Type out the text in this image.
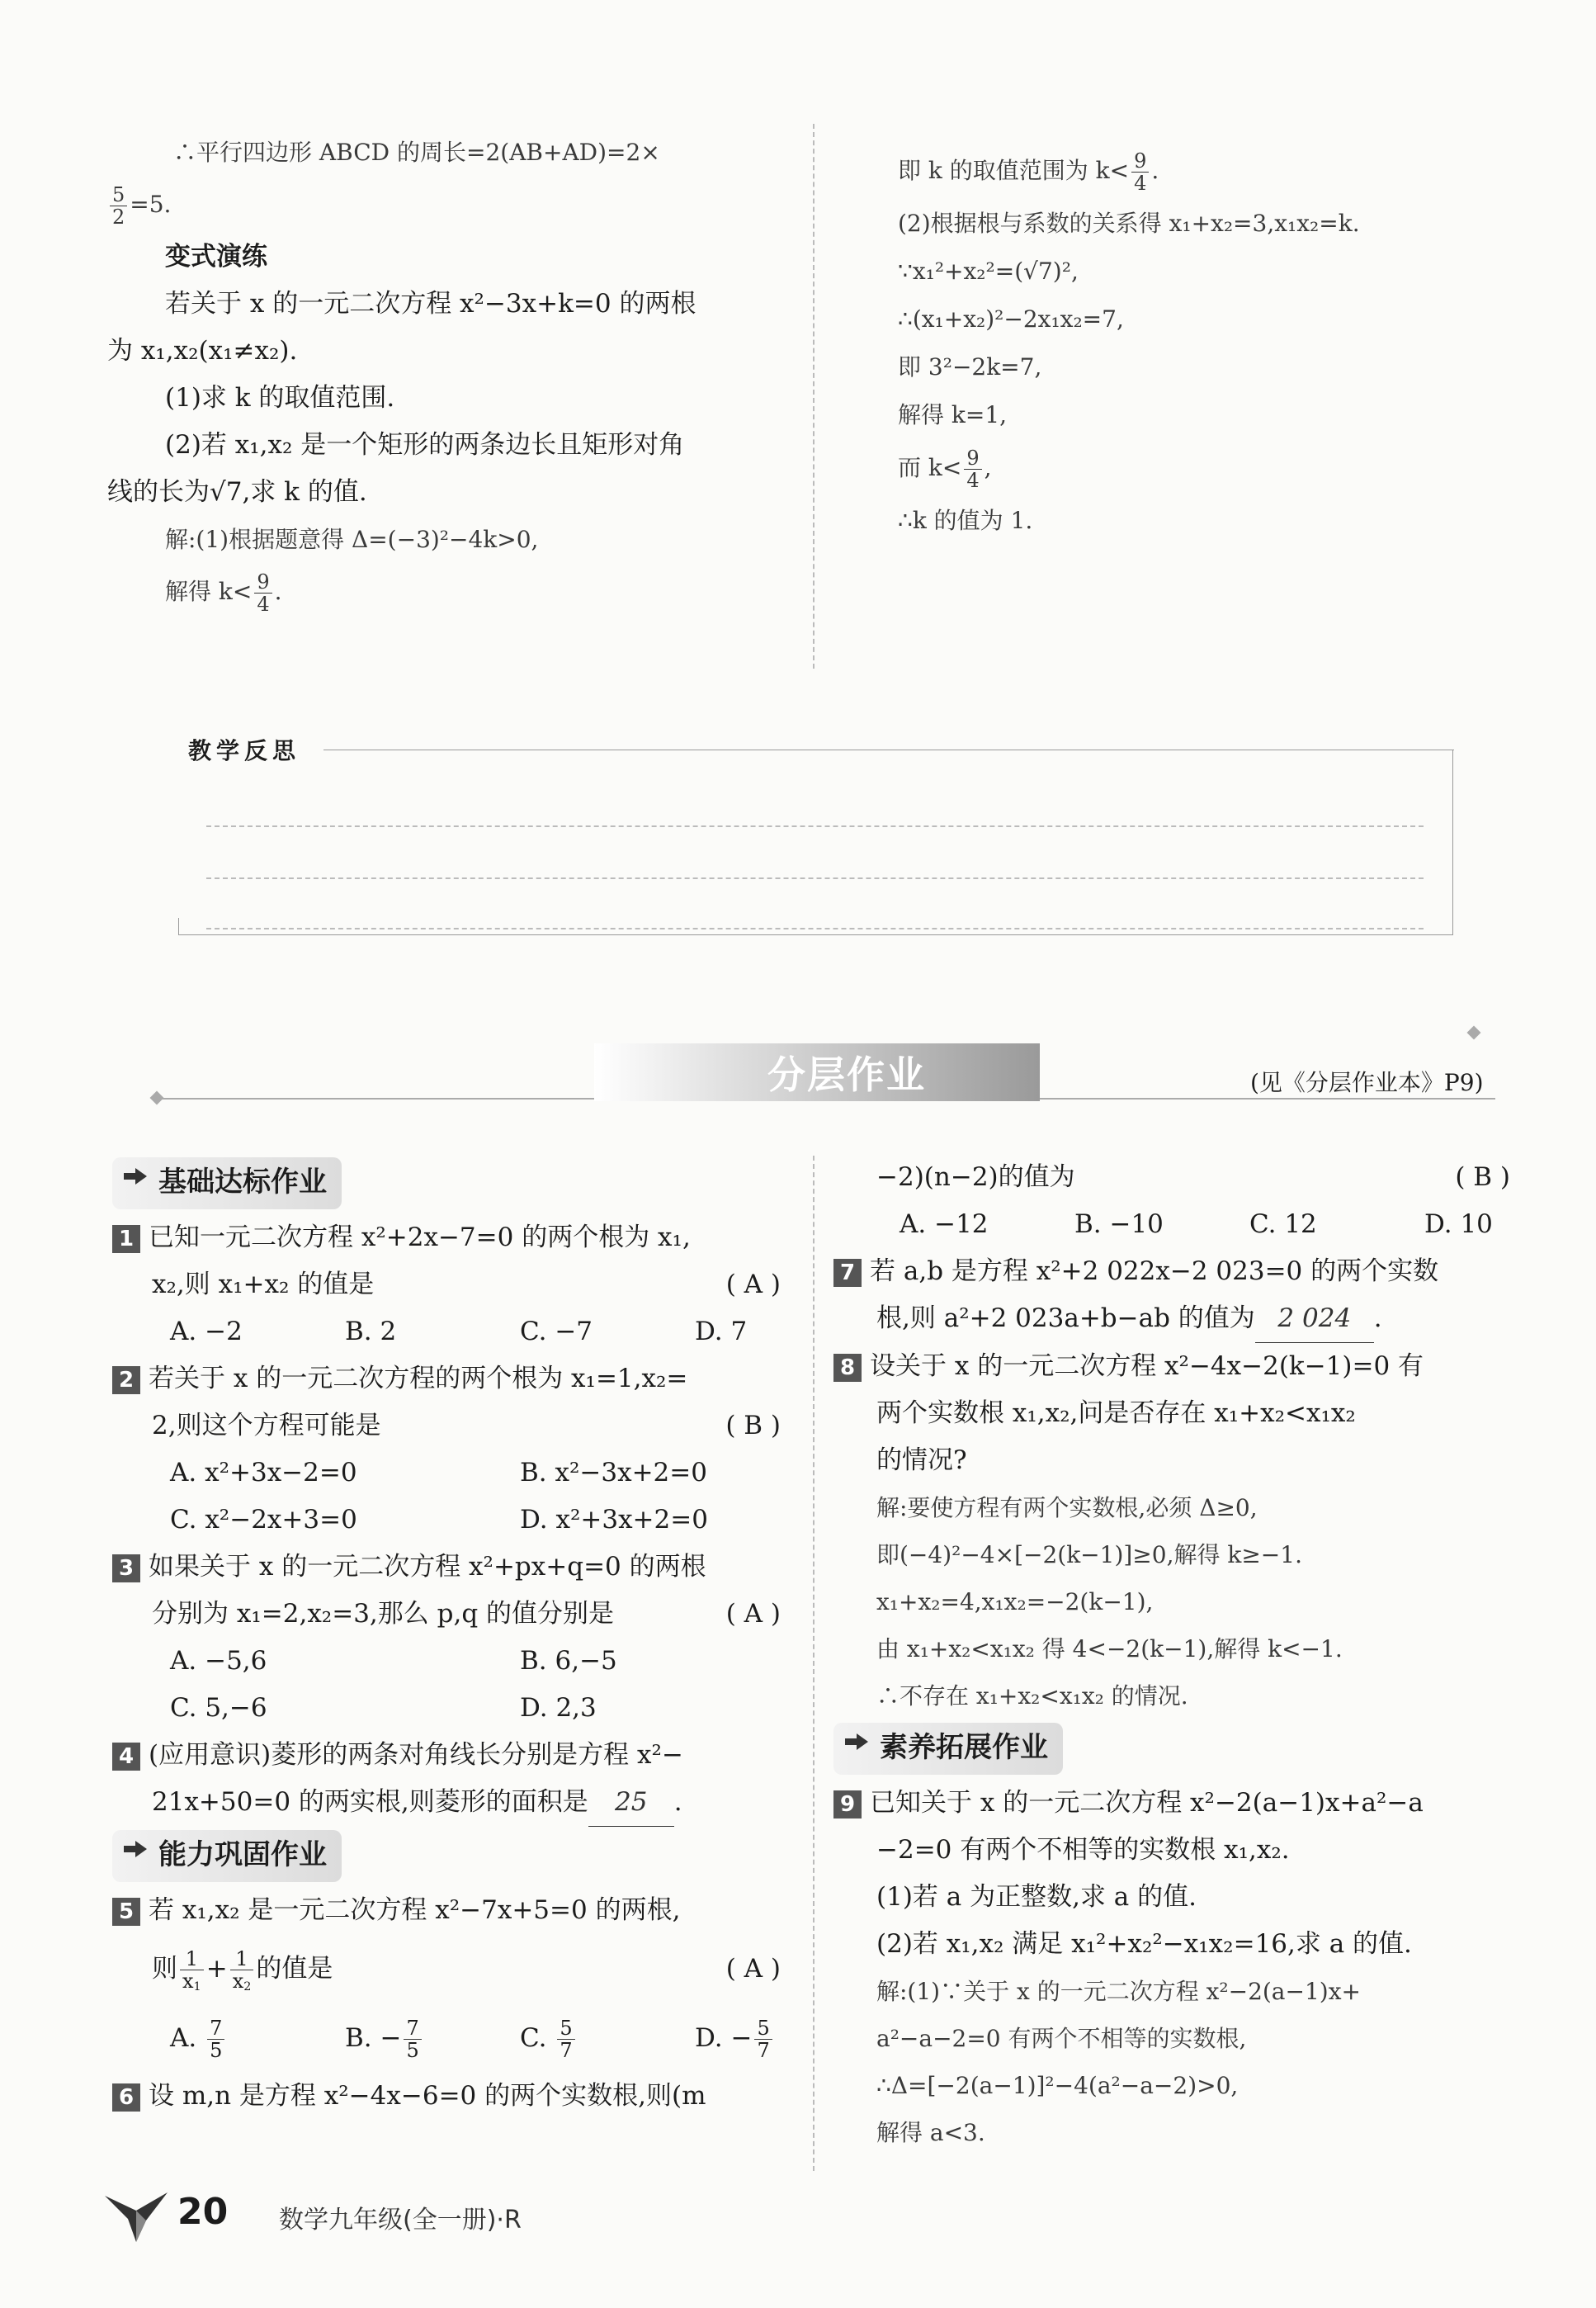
∴平行四边形 ABCD 的周长=2(AB+AD)=2×

$\frac{5}{2} =5$.

变式演练

若关于 x 的一元二次方程 x²−3x+k=0 的两根

为 x₁,x₂(x₁≠x₂).

(1)求 k 的取值范围.

(2)若 x₁,x₂ 是一个矩形的两条边长且矩形对角

线的长为√7,求 k 的值.

解:(1)根据题意得 Δ=(−3)²−4k>0,

解得 $k< \frac{9}{4}$ .

即 k 的取值范围为 $k< \frac{9}{4}$ .

(2)根据根与系数的关系得 x₁+x₂=3,x₁x₂=k.

∵x₁²+x₂²=(√7)²,

∴(x₁+x₂)²−2x₁x₂=7,

即 3²−2k=7,

解得 k=1,

而 $k< \frac{9}{4}$ ,

∴k 的值为 1.

教学反思
分层作业	(见《分层作业本》P9)
基础达标作业

1 已知一元二次方程 x²+2x−7=0 的两个根为 x₁,

x₂,则 x₁+x₂ 的值是	( A )

A. −2	B. 2	C. −7	D. 7

2 若关于 x 的一元二次方程的两个根为 x₁=1,x₂=

2,则这个方程可能是	( B )

A. x²+3x−2=0	B. x²−3x+2=0

C. x²−2x+3=0	D. x²+3x+2=0

3 如果关于 x 的一元二次方程 x²+px+q=0 的两根

分别为 x₁=2,x₂=3,那么 p,q 的值分别是	( A )

A. −5,6	B. 6,−5

C. 5,−6	D. 2,3

4 (应用意识)菱形的两条对角线长分别是方程 x²−

21x+50=0 的两实根,则菱形的面积是 25 .

能力巩固作业

5 若 x₁,x₂ 是一元二次方程 x²−7x+5=0 的两根,

则 $\frac{1}{x_1} + \frac{1}{x_2}$ 的值是	( A )

A. $\frac{7}{5}$	B. − $\frac{7}{5}$	C. $\frac{5}{7}$	D. − $\frac{5}{7}$

6 设 m,n 是方程 x²−4x−6=0 的两个实数根,则(m

−2)(n−2)的值为	( B )

A. −12	B. −10	C. 12	D. 10

7 若 a,b 是方程 x²+2 022x−2 023=0 的两个实数

根,则 a²+2 023a+b−ab 的值为 2 024 .

8 设关于 x 的一元二次方程 x²−4x−2(k−1)=0 有

两个实数根 x₁,x₂,问是否存在 x₁+x₂<x₁x₂

的情况?

解:要使方程有两个实数根,必须 Δ≥0,

即(−4)²−4×[−2(k−1)]≥0,解得 k≥−1.

x₁+x₂=4,x₁x₂=−2(k−1),

由 x₁+x₂<x₁x₂ 得 4<−2(k−1),解得 k<−1.

∴不存在 x₁+x₂<x₁x₂ 的情况.

素养拓展作业

9 已知关于 x 的一元二次方程 x²−2(a−1)x+a²−a

−2=0 有两个不相等的实数根 x₁,x₂.

(1)若 a 为正整数,求 a 的值.

(2)若 x₁,x₂ 满足 x₁²+x₂²−x₁x₂=16,求 a 的值.

解:(1)∵关于 x 的一元二次方程 x²−2(a−1)x+

a²−a−2=0 有两个不相等的实数根,

∴Δ=[−2(a−1)]²−4(a²−a−2)>0,

解得 a<3.

20 数学九年级(全一册)·R
